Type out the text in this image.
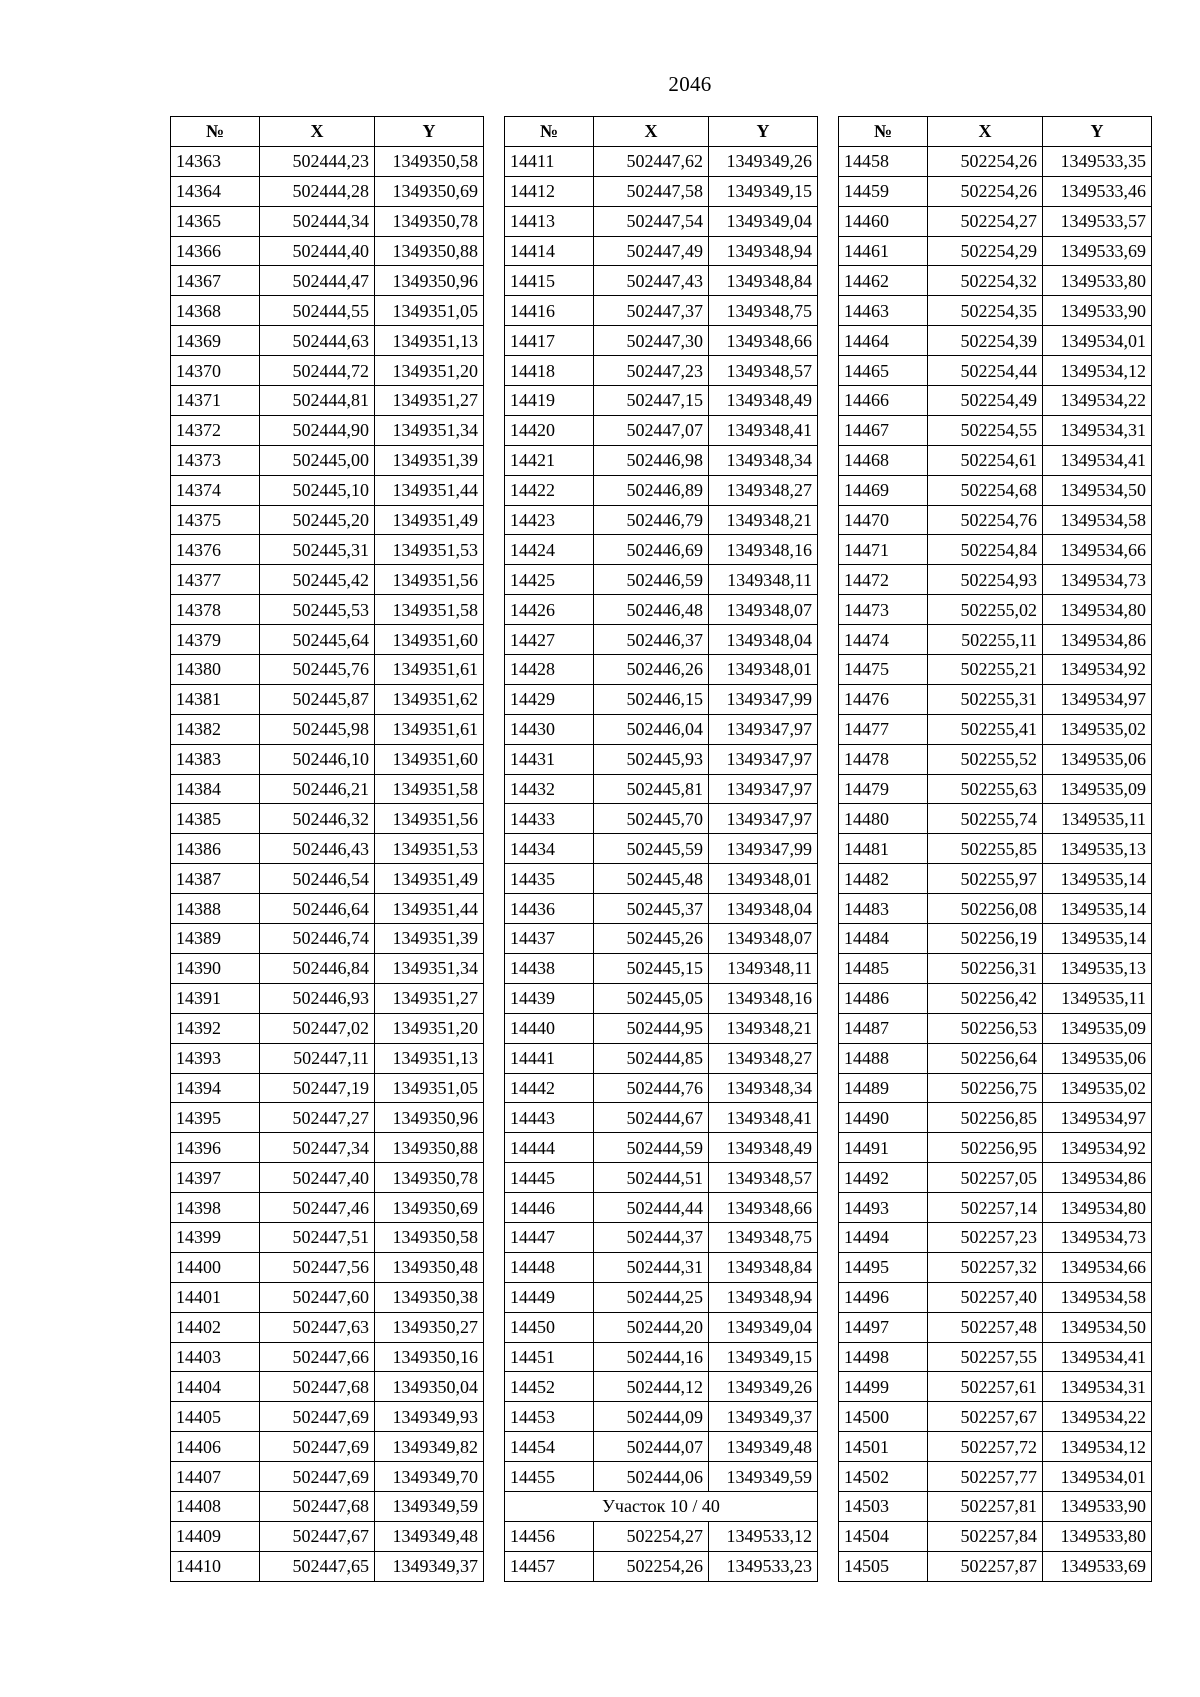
2046
№	X	Y
14363	502444,23	1349350,58
14364	502444,28	1349350,69
14365	502444,34	1349350,78
14366	502444,40	1349350,88
14367	502444,47	1349350,96
14368	502444,55	1349351,05
14369	502444,63	1349351,13
14370	502444,72	1349351,20
14371	502444,81	1349351,27
14372	502444,90	1349351,34
14373	502445,00	1349351,39
14374	502445,10	1349351,44
14375	502445,20	1349351,49
14376	502445,31	1349351,53
14377	502445,42	1349351,56
14378	502445,53	1349351,58
14379	502445,64	1349351,60
14380	502445,76	1349351,61
14381	502445,87	1349351,62
14382	502445,98	1349351,61
14383	502446,10	1349351,60
14384	502446,21	1349351,58
14385	502446,32	1349351,56
14386	502446,43	1349351,53
14387	502446,54	1349351,49
14388	502446,64	1349351,44
14389	502446,74	1349351,39
14390	502446,84	1349351,34
14391	502446,93	1349351,27
14392	502447,02	1349351,20
14393	502447,11	1349351,13
14394	502447,19	1349351,05
14395	502447,27	1349350,96
14396	502447,34	1349350,88
14397	502447,40	1349350,78
14398	502447,46	1349350,69
14399	502447,51	1349350,58
14400	502447,56	1349350,48
14401	502447,60	1349350,38
14402	502447,63	1349350,27
14403	502447,66	1349350,16
14404	502447,68	1349350,04
14405	502447,69	1349349,93
14406	502447,69	1349349,82
14407	502447,69	1349349,70
14408	502447,68	1349349,59
14409	502447,67	1349349,48
14410	502447,65	1349349,37
№	X	Y
14411	502447,62	1349349,26
14412	502447,58	1349349,15
14413	502447,54	1349349,04
14414	502447,49	1349348,94
14415	502447,43	1349348,84
14416	502447,37	1349348,75
14417	502447,30	1349348,66
14418	502447,23	1349348,57
14419	502447,15	1349348,49
14420	502447,07	1349348,41
14421	502446,98	1349348,34
14422	502446,89	1349348,27
14423	502446,79	1349348,21
14424	502446,69	1349348,16
14425	502446,59	1349348,11
14426	502446,48	1349348,07
14427	502446,37	1349348,04
14428	502446,26	1349348,01
14429	502446,15	1349347,99
14430	502446,04	1349347,97
14431	502445,93	1349347,97
14432	502445,81	1349347,97
14433	502445,70	1349347,97
14434	502445,59	1349347,99
14435	502445,48	1349348,01
14436	502445,37	1349348,04
14437	502445,26	1349348,07
14438	502445,15	1349348,11
14439	502445,05	1349348,16
14440	502444,95	1349348,21
14441	502444,85	1349348,27
14442	502444,76	1349348,34
14443	502444,67	1349348,41
14444	502444,59	1349348,49
14445	502444,51	1349348,57
14446	502444,44	1349348,66
14447	502444,37	1349348,75
14448	502444,31	1349348,84
14449	502444,25	1349348,94
14450	502444,20	1349349,04
14451	502444,16	1349349,15
14452	502444,12	1349349,26
14453	502444,09	1349349,37
14454	502444,07	1349349,48
14455	502444,06	1349349,59
Участок 10 / 40		
14456	502254,27	1349533,12
14457	502254,26	1349533,23
№	X	Y
14458	502254,26	1349533,35
14459	502254,26	1349533,46
14460	502254,27	1349533,57
14461	502254,29	1349533,69
14462	502254,32	1349533,80
14463	502254,35	1349533,90
14464	502254,39	1349534,01
14465	502254,44	1349534,12
14466	502254,49	1349534,22
14467	502254,55	1349534,31
14468	502254,61	1349534,41
14469	502254,68	1349534,50
14470	502254,76	1349534,58
14471	502254,84	1349534,66
14472	502254,93	1349534,73
14473	502255,02	1349534,80
14474	502255,11	1349534,86
14475	502255,21	1349534,92
14476	502255,31	1349534,97
14477	502255,41	1349535,02
14478	502255,52	1349535,06
14479	502255,63	1349535,09
14480	502255,74	1349535,11
14481	502255,85	1349535,13
14482	502255,97	1349535,14
14483	502256,08	1349535,14
14484	502256,19	1349535,14
14485	502256,31	1349535,13
14486	502256,42	1349535,11
14487	502256,53	1349535,09
14488	502256,64	1349535,06
14489	502256,75	1349535,02
14490	502256,85	1349534,97
14491	502256,95	1349534,92
14492	502257,05	1349534,86
14493	502257,14	1349534,80
14494	502257,23	1349534,73
14495	502257,32	1349534,66
14496	502257,40	1349534,58
14497	502257,48	1349534,50
14498	502257,55	1349534,41
14499	502257,61	1349534,31
14500	502257,67	1349534,22
14501	502257,72	1349534,12
14502	502257,77	1349534,01
14503	502257,81	1349533,90
14504	502257,84	1349533,80
14505	502257,87	1349533,69
